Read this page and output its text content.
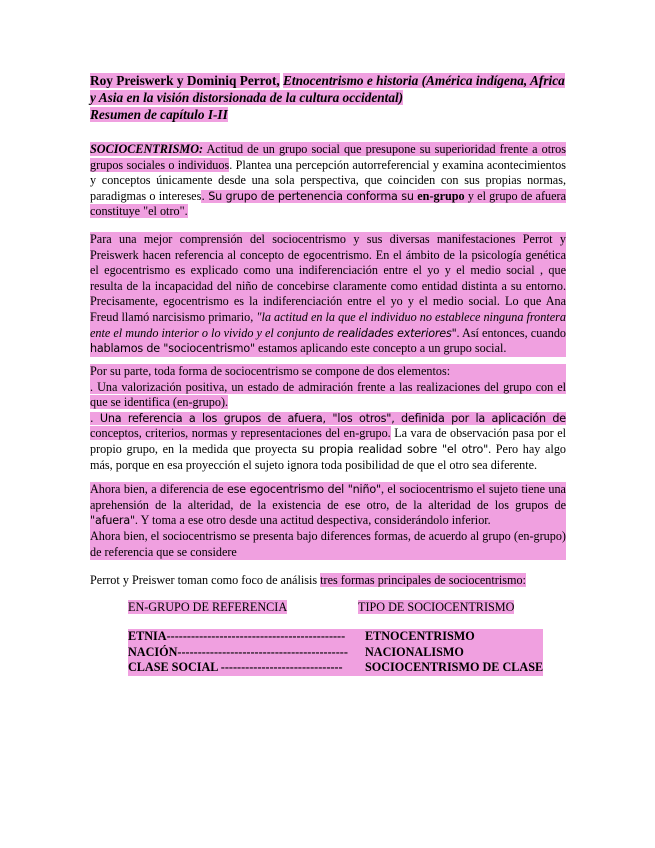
Roy Preiswerk y Dominiq Perrot, Etnocentrismo e historia (América indígena, Africa y Asia en la visión distorsionada de la cultura occidental)
Resumen de capítulo I-II

SOCIOCENTRISMO: Actitud de un grupo social que presupone su superioridad frente a otros grupos sociales o individuos. Plantea una percepción autorreferencial y examina acontecimientos y conceptos únicamente desde una sola perspectiva, que coinciden con sus propias normas, paradigmas o intereses. Su grupo de pertenencia conforma su en-grupo y el grupo de afuera constituye "el otro".

Para una mejor comprensión del sociocentrismo y sus diversas manifestaciones Perrot y Preiswerk hacen referencia al concepto de egocentrismo. En el ámbito de la psicología genética el egocentrismo es explicado como una indiferenciación entre el yo y el medio social , que resulta de la incapacidad del niño de concebirse claramente como entidad distinta a su entorno. Precisamente, egocentrismo es la indiferenciación entre el yo y el medio social. Lo que Ana Freud llamó narcisismo primario, "la actitud en la que el individuo no establece ninguna frontera ente el mundo interior o lo vivido y el conjunto de realidades exteriores". Así entonces, cuando hablamos de "sociocentrismo" estamos aplicando este concepto a un grupo social.

Por su parte, toda forma de sociocentrismo se compone de dos elementos:
. Una valorización positiva, un estado de admiración frente a las realizaciones del grupo con el que se identifica (en-grupo).
. Una referencia a los grupos de afuera, "los otros", definida por la aplicación de conceptos, criterios, normas y representaciones del en-grupo. La vara de observación pasa por el propio grupo, en la medida que proyecta su propia realidad sobre "el otro". Pero hay algo más, porque en esa proyección el sujeto ignora toda posibilidad de que el otro sea diferente.

Ahora bien, a diferencia de ese egocentrismo del "niño", el sociocentrismo el sujeto tiene una aprehensión de la alteridad, de la existencia de ese otro, de la alteridad de los grupos de "afuera". Y toma a ese otro desde una actitud despectiva, considerándolo inferior.

Ahora bien, el sociocentrismo se presenta bajo diferences formas, de acuerdo al grupo (en-grupo) de referencia que se considere

Perrot y Preiswer toman como foco de análisis tres formas principales de sociocentrismo:

EN-GRUPO DE REFERENCIA	TIPO DE SOCIOCENTRISMO
ETNIA-------------------------------------------- ETNOCENTRISMO
NACIÓN------------------------------------------ NACIONALISMO
CLASE SOCIAL ------------------------------ SOCIOCENTRISMO DE CLASE
